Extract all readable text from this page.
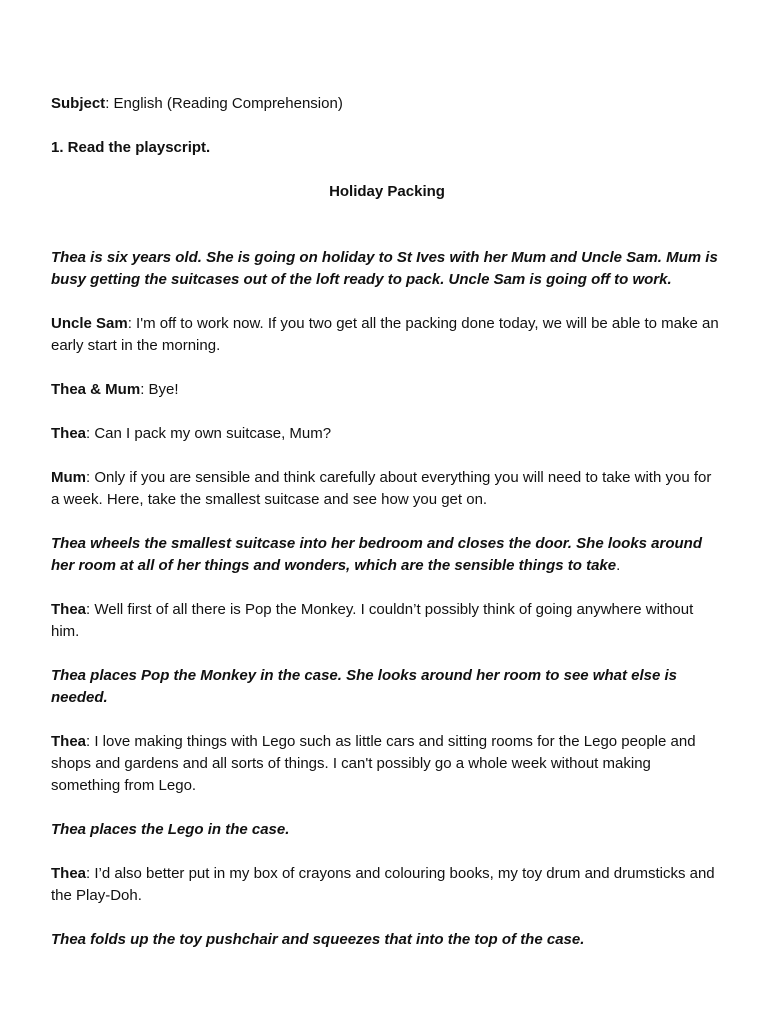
Subject: English (Reading Comprehension)

1. Read the playscript.

Holiday Packing

Thea is six years old. She is going on holiday to St Ives with her Mum and Uncle Sam. Mum is busy getting the suitcases out of the loft ready to pack. Uncle Sam is going off to work.

Uncle Sam: I'm off to work now. If you two get all the packing done today, we will be able to make an early start in the morning.

Thea & Mum: Bye!

Thea: Can I pack my own suitcase, Mum?

Mum: Only if you are sensible and think carefully about everything you will need to take with you for a week. Here, take the smallest suitcase and see how you get on.

Thea wheels the smallest suitcase into her bedroom and closes the door. She looks around her room at all of her things and wonders, which are the sensible things to take.

Thea: Well first of all there is Pop the Monkey. I couldn’t possibly think of going anywhere without him.

Thea places Pop the Monkey in the case. She looks around her room to see what else is needed.

Thea: I love making things with Lego such as little cars and sitting rooms for the Lego people and shops and gardens and all sorts of things. I can't possibly go a whole week without making something from Lego.

Thea places the Lego in the case.

Thea: I’d also better put in my box of crayons and colouring books, my toy drum and drumsticks and the Play-Doh.

Thea folds up the toy pushchair and squeezes that into the top of the case.
